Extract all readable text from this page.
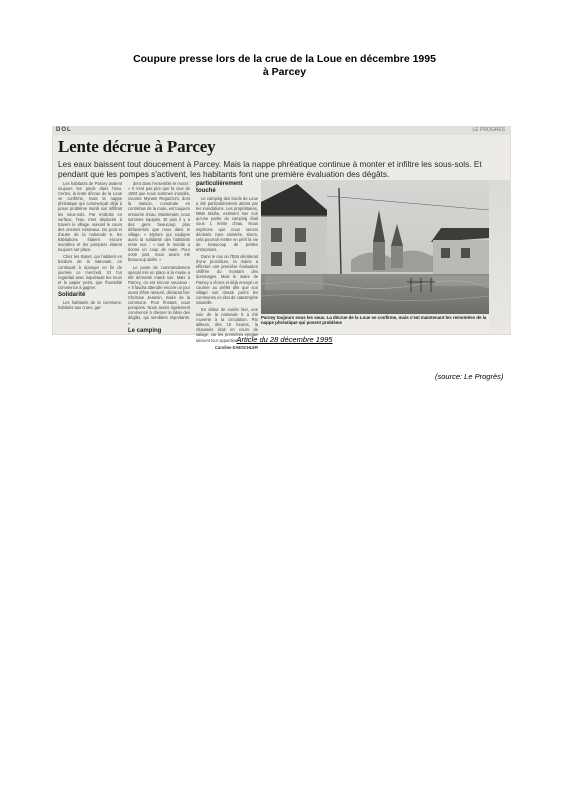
Coupure presse lors de la crue de la Loue en décembre 1995
à Parcey
DOL	LE PROGRÈS
Lente décrue à Parcey
Les eaux baissent tout doucement à Parcey. Mais la nappe phréatique continue à monter et infiltre les sous-sols. Et pendant que les pompes s'activent, les habitants font une première évaluation des dégâts.

Les habitants de Parcey avaient toujours les pieds dans l'eau. Certes, la lente décrue de la Loue se confirme, mais la nappe phréatique qui commençait déjà à poser problème mardi soir infiltrait les sous-sols. Par endroits en surface, l'eau s'est déplacée à travers le village, suivant le cours des anciens ruisseaux. Du pont et d'autre de la nationale 5, les habitations étaient encore inondées et les pompiers étaient toujours sur place.

Chez les Banet, qui habitent en bordure de la nationale, on continuait à éponger en fin de journée ce mercredi. Et l'on regardait avec inquiétude les murs et le papier peint, que l'humidité commence à gagner.

Solidarité

Les habitants de la commune, habitués aux crues, gar-

dent dans l'ensemble le moral : « Il n'est pas pire que la crue de 1983 que nous sommes inondés, raconte Myriam Regazzoni, dont la maison, construite en contrebas de la route, est toujours entourée d'eau. Maintenant, nous sommes équipés. Et puis il y a des gens beaucoup plus défavorisés que nous dans le village. » Myriam qui souligne aussi la solidarité des habitants entre eux : « tout le monde a donné un coup de main. Pour notre part, nous avons été beaucoup aidés. »

Le poste de commandement spécial mis en place à la mairie a été démonté mardi soir. Mais à Parcey, on est encore soucieux : « Il faudra attendre encore un jour avant d'être rassuré, déclarait hier Christine Jeannin, maire de la commune. Pour l'instant, nous pompons. Nous avons également commencé à dresser le bilan des dégâts, qui semblent importants. »

Le camping

particulièrement touché

Le camping des bords de Loue a été particulièrement atteint par les inondations. Les propriétaires, MMe Maihe, estiment hier soir qu'une partie du camping était sous 1 mètre d'eau. Nous espérons que nous serons déclarés zone sinistrée. Sinon, cela pourrait mettre en péril la vie de beaucoup de petites entreprises.

Dans le cas où l'Etat déciderait d'une procédure, la mairie a effectué une première évaluation chiffrée du montant des dommages. Mais le maire de Parcey a d'ores et déjà envoyé un courrier au préfet afin que son village soit classé parmi les communes en état de catastrophe naturelle.

En début de soirée hier, une voie de la nationale 5 a été rouverte à la circulation. Par ailleurs, dès 19 heures, la chaussée était en cours de salage, car les premières verglas laissent tour apparition.

Caroline DAESCHLER

Parcey toujours sous les eaux. La décrue de la Loue se confirme, mais c'est maintenant les remontées de la nappe phréatique qui posent problème
Article du 28 décembre 1995
(source: Le Progrès)
